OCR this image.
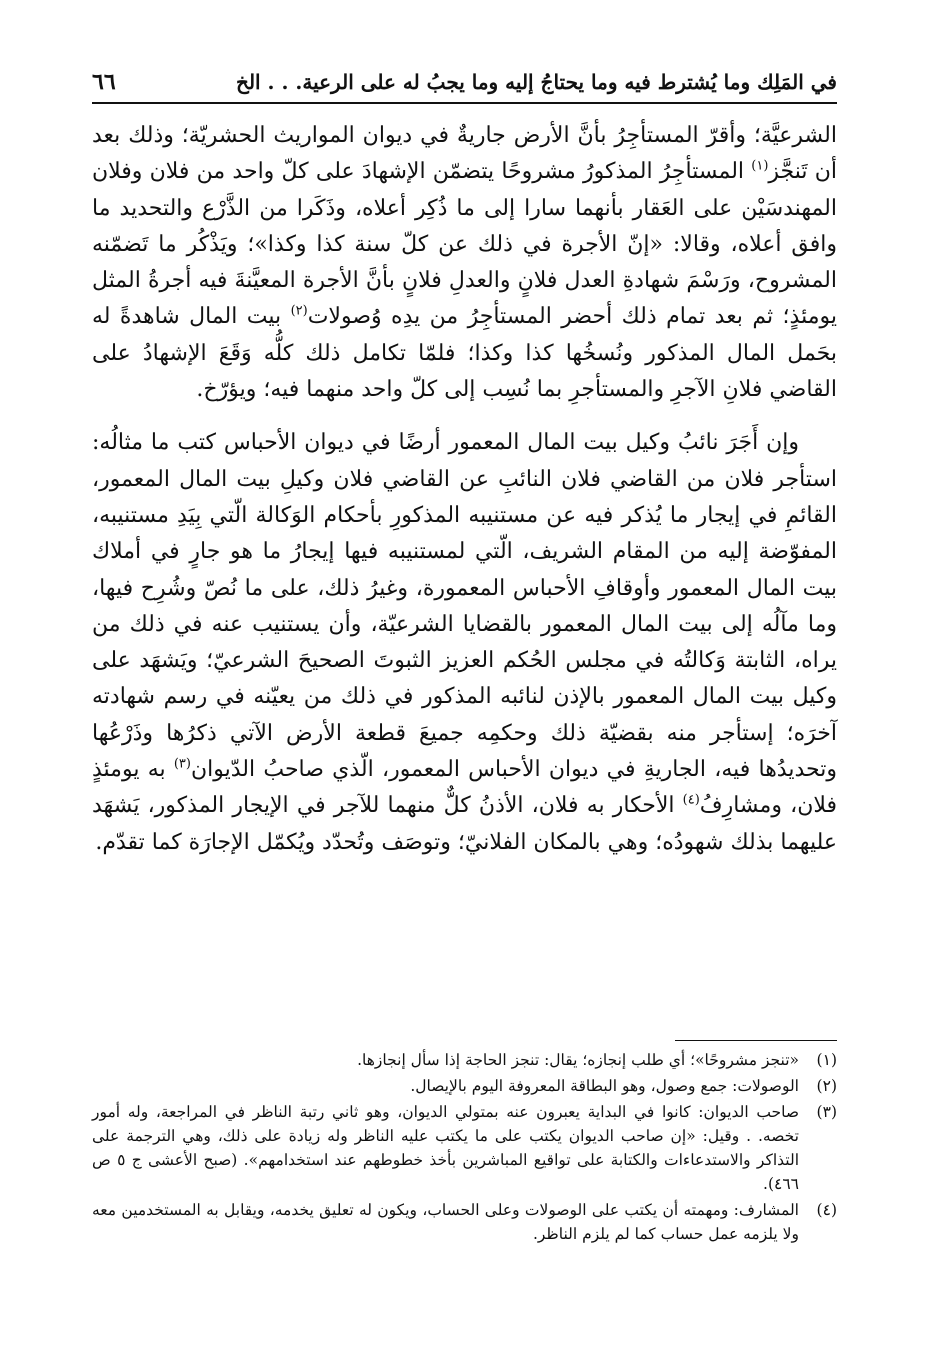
في المَلِك وما يُشترط فيه وما يحتاجُ إليه وما يجبُ له على الرعية. . . الخ
٦٦

الشرعيَّة؛ وأقرّ المستأجِرُ بأنَّ الأرض جاريةٌ في ديوان المواريث الحشريّة؛ وذلك بعد أن تَنجَّز$^{(١)}$ المستأجِرُ المذكورُ مشروحًا يتضمّن الإشهادَ على كلّ واحد من فلان وفلان المهندسَيْن على العَقار بأنهما سارا إلى ما ذُكِر أعلاه، وذَكَرا من الذَّرْع والتحديد ما وافق أعلاه، وقالا: «إنّ الأجرة في ذلك عن كلّ سنة كذا وكذا»؛ ويَذْكُر ما تَضمّنه المشروح، ورَسْمَ شهادةِ العدل فلانٍ والعدلِ فلانٍ بأنَّ الأجرة المعيَّنةَ فيه أجرةُ المثل يومئذٍ؛ ثم بعد تمام ذلك أحضر المستأجِرُ من يدِه وُصولات$^{(٢)}$ بيت المال شاهدةً له بحَمل المال المذكور ونُسخُها كذا وكذا؛ فلمّا تكامل ذلك كلُّه وَقَعَ الإشهادُ على القاضي فلانِ الآجرِ والمستأجرِ بما نُسِب إلى كلّ واحد منهما فيه؛ ويؤرّخ.

وإن أَجَرَ نائبُ وكيل بيت المال المعمور أرضًا في ديوان الأحباس كتب ما مثالُه: استأجر فلان من القاضي فلان النائبِ عن القاضي فلان وكيلِ بيت المال المعمور، القائمِ في إيجار ما يُذكر فيه عن مستنيبه المذكورِ بأحكام الوَكالة الّتي بِيَدِ مستنيبه، المفوّضة إليه من المقام الشريف، الّتي لمستنيبه فيها إيجارُ ما هو جارٍ في أملاك بيت المال المعمور وأوقافِ الأحباس المعمورة، وغيرُ ذلك، على ما نُصّ وشُرِح فيها، وما مآلُه إلى بيت المال المعمور بالقضايا الشرعيّة، وأن يستنيب عنه في ذلك من يراه، الثابتة وَكالتُه في مجلس الحُكم العزيز الثبوتَ الصحيحَ الشرعيّ؛ ويَشهَد على وكيل بيت المال المعمور بالإذن لنائبه المذكور في ذلك من يعيّنه في رسم شهادته آخرَه؛ إستأجر منه بقضيّة ذلك وحكمِه جميعَ قطعة الأرض الآتي ذكرُها وذَرْعُها وتحديدُها فيه، الجاريةِ في ديوان الأحباس المعمور، الّذي صاحبُ الدّيوان$^{(٣)}$ به يومئذٍ فلان، ومشارِفُ$^{(٤)}$ الأحكار به فلان، الأذنُ كلٌّ منهما للآجر في الإيجار المذكور، يَشهَد عليهما بذلك شهودُه؛ وهي بالمكان الفلانيّ؛ وتوصَف وتُحدّد ويُكمّل الإجارَة كما تقدّم.

(١)
«تنجز مشروحًا»؛ أي طلب إنجازه؛ يقال: تنجز الحاجة إذا سأل إنجازها.
(٢)
الوصولات: جمع وصول، وهو البطاقة المعروفة اليوم بالإيصال.
(٣)
صاحب الديوان: كانوا في البداية يعبرون عنه بمتولي الديوان، وهو ثاني رتبة الناظر في المراجعة، وله أمور تخصه. . وقيل: «إن صاحب الديوان يكتب على ما يكتب عليه الناظر وله زيادة على ذلك، وهي الترجمة على التذاكر والاستدعاءات والكتابة على تواقيع المباشرين بأخذ خطوطهم عند استخدامهم». (صبح الأعشى ج ٥ ص ٤٦٦).
(٤)
المشارف: ومهمته أن يكتب على الوصولات وعلى الحساب، ويكون له تعليق يخدمه، ويقابل به المستخدمين معه ولا يلزمه عمل حساب كما لم يلزم الناظر.
